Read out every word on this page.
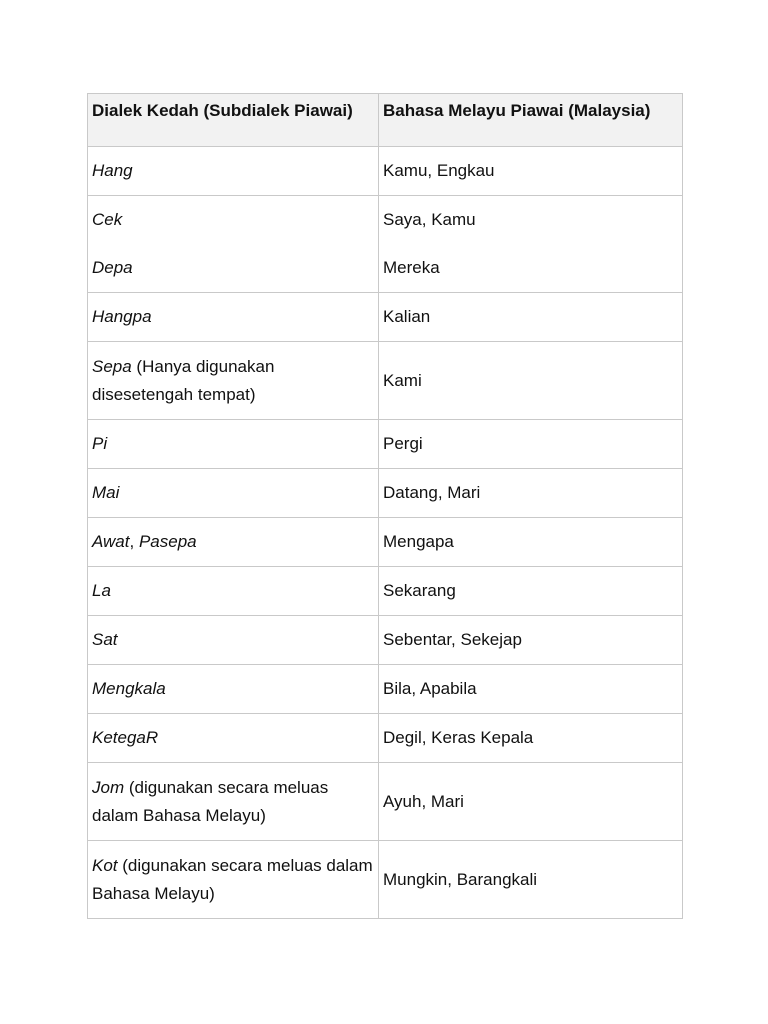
Dialek Kedah (Subdialek Piawai)	Bahasa Melayu Piawai (Malaysia)
Hang	Kamu, Engkau
Cek	Saya, Kamu
Depa	Mereka
Hangpa	Kalian
Sepa (Hanya digunakan disesetengah tempat)	Kami
Pi	Pergi
Mai	Datang, Mari
Awat, Pasepa	Mengapa
La	Sekarang
Sat	Sebentar, Sekejap
Mengkala	Bila, Apabila
KetegaR	Degil, Keras Kepala
Jom (digunakan secara meluas dalam Bahasa Melayu)	Ayuh, Mari
Kot (digunakan secara meluas dalam Bahasa Melayu)	Mungkin, Barangkali
